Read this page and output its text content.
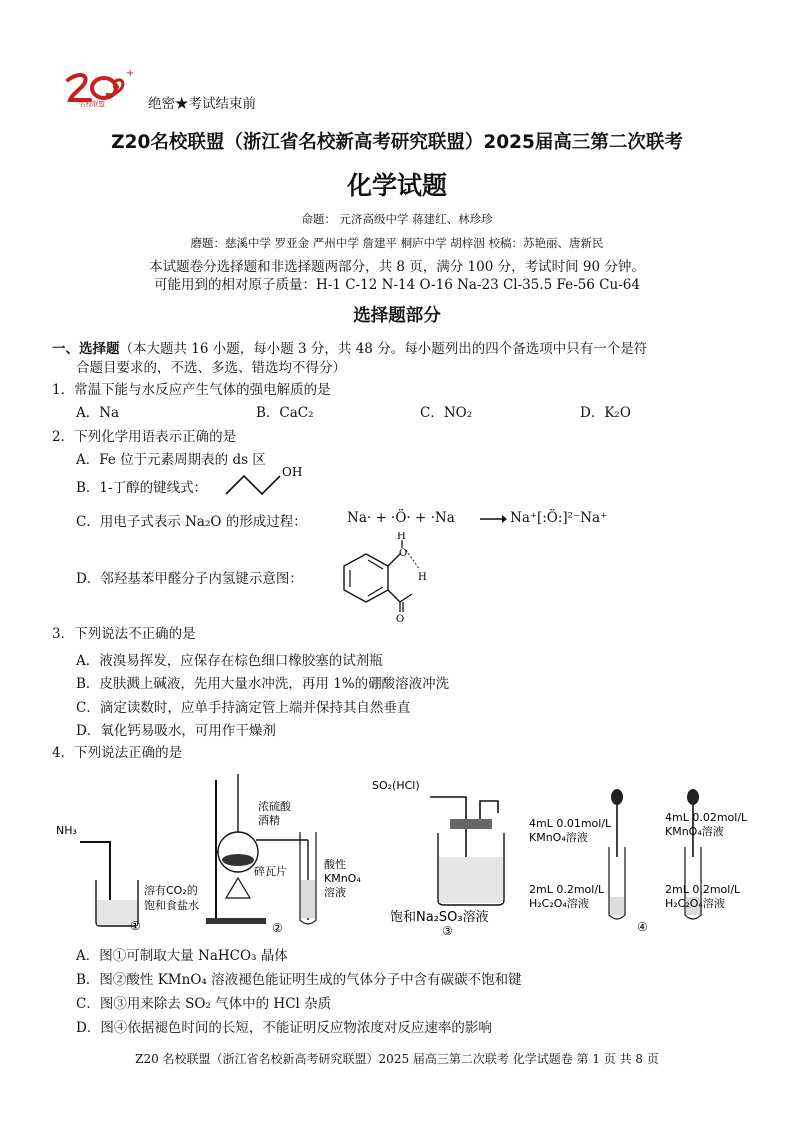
+
名校联盟	绝密★考试结束前
Z20名校联盟（浙江省名校新高考研究联盟）2025届高三第二次联考
化学试题
命题： 元济高级中学 蒋建红、林珍珍
磨题：慈溪中学 罗亚金 严州中学 詹建平 桐庐中学 胡梓洇 校稿：苏艳丽、唐新民
本试题卷分选择题和非选择题两部分，共 8 页，满分 100 分，考试时间 90 分钟。
可能用到的相对原子质量：H-1 C-12 N-14 O-16 Na-23 Cl-35.5 Fe-56 Cu-64
选择题部分
一、选择题（本大题共 16 小题，每小题 3 分，共 48 分。每小题列出的四个备选项中只有一个是符
合题目要求的，不选、多选、错选均不得分）
1．常温下能与水反应产生气体的强电解质的是
A．Na	B．CaC₂	C．NO₂	D．K₂O
2．下列化学用语表示正确的是
A．Fe 位于元素周期表的 ds 区
B．1-丁醇的键线式：
OH
C．用电子式表示 Na₂O 的形成过程：	Na· + ·Ö· + ·Na → Na⁺[:Ö:]²⁻Na⁺
D．邻羟基苯甲醛分子内氢键示意图：
H
O
H
O
3．下列说法不正确的是
A．液溴易挥发，应保存在棕色细口橡胶塞的试剂瓶
B．皮肤溅上碱液，先用大量水冲洗，再用 1%的硼酸溶液冲洗
C．滴定读数时，应单手持滴定管上端并保持其自然垂直
D．氧化钙易吸水，可用作干燥剂
4．下列说法正确的是
NH₃
溶有CO₂的
饱和食盐水
①
浓硫酸
酒精
碎瓦片
酸性
KMnO₄
溶液
②
SO₂(HCl)
饱和Na₂SO₃溶液
③
4mL 0.01mol/L
KMnO₄溶液
4mL 0.02mol/L
KMnO₄溶液
2mL 0.2mol/L
H₂C₂O₄溶液
2mL 0.2mol/L
H₂C₂O₄溶液
④
A．图①可制取大量 NaHCO₃ 晶体
B．图②酸性 KMnO₄ 溶液褪色能证明生成的气体分子中含有碳碳不饱和键
C．图③用来除去 SO₂ 气体中的 HCl 杂质
D．图④依据褪色时间的长短，不能证明反应物浓度对反应速率的影响
Z20 名校联盟（浙江省名校新高考研究联盟）2025 届高三第二次联考 化学试题卷 第 1 页 共 8 页
